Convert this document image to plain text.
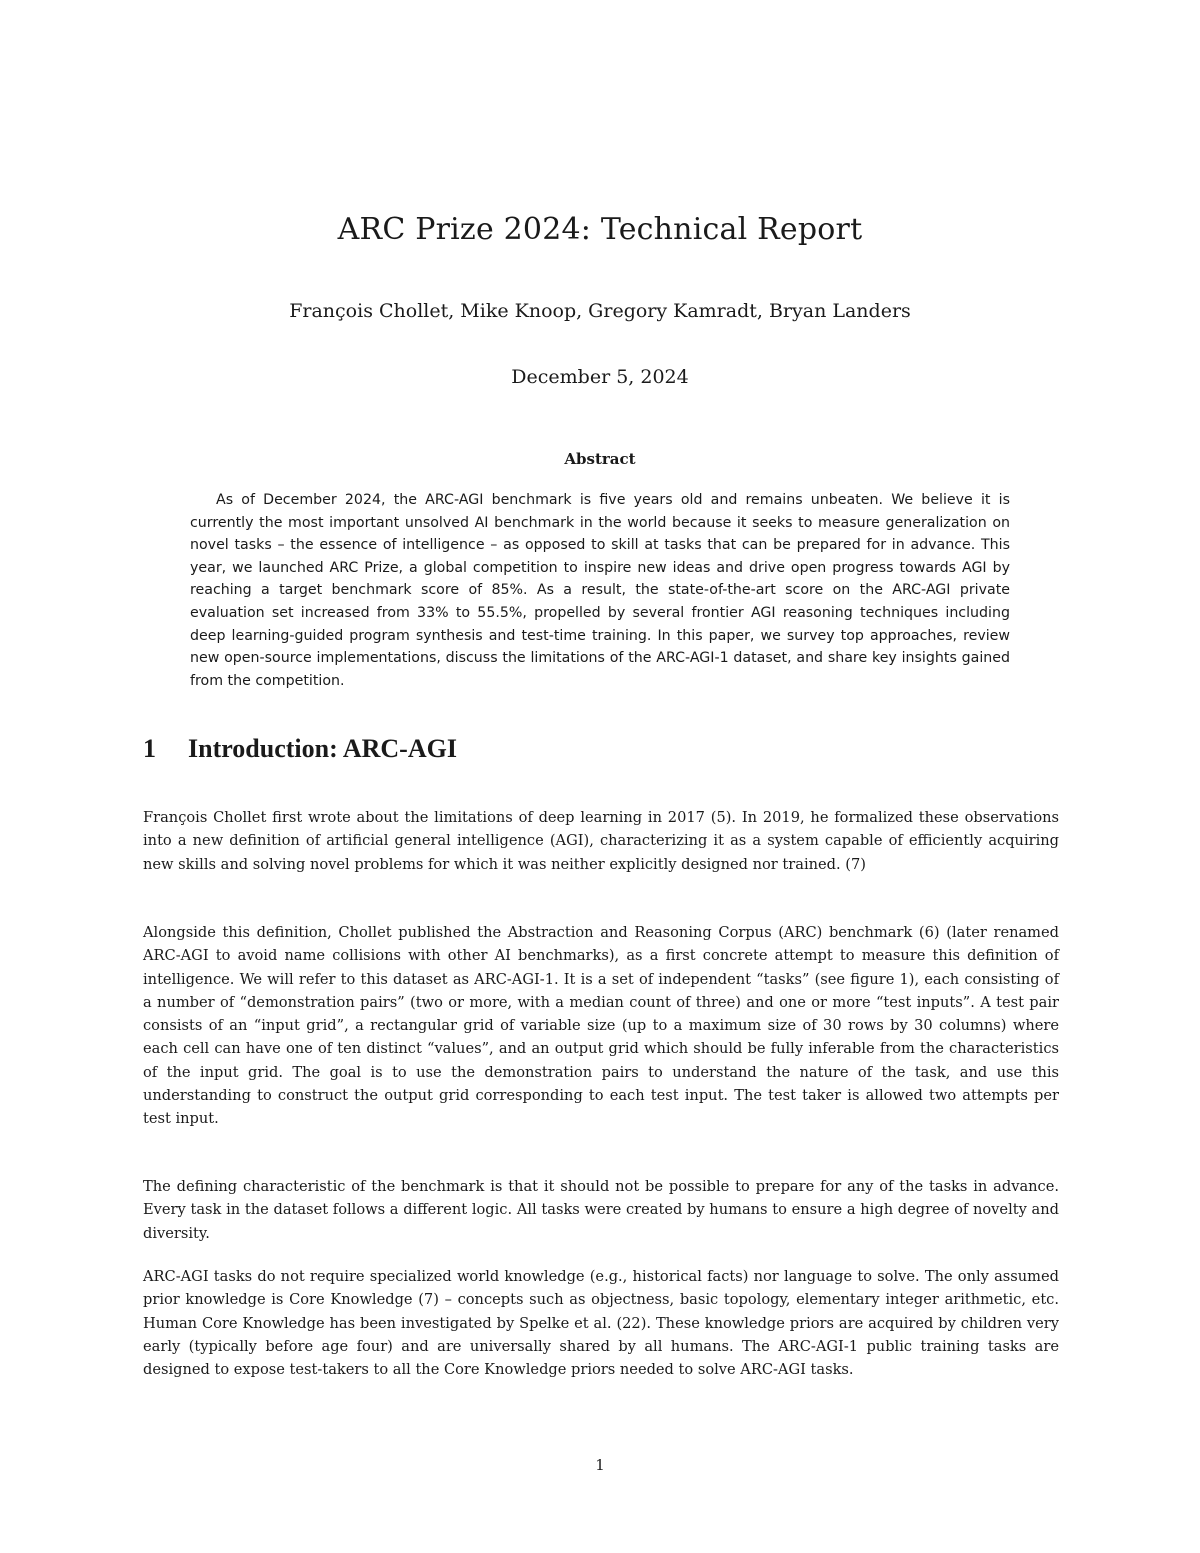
ARC Prize 2024: Technical Report
François Chollet, Mike Knoop, Gregory Kamradt, Bryan Landers
December 5, 2024
Abstract

As of December 2024, the ARC-AGI benchmark is five years old and remains unbeaten. We believe it is currently the most important unsolved AI benchmark in the world because it seeks to measure generalization on novel tasks – the essence of intelligence – as opposed to skill at tasks that can be prepared for in advance. This year, we launched ARC Prize, a global competition to inspire new ideas and drive open progress towards AGI by reaching a target benchmark score of 85%. As a result, the state-of-the-art score on the ARC-AGI private evaluation set increased from 33% to 55.5%, propelled by several frontier AGI reasoning techniques including deep learning-guided program synthesis and test-time training. In this paper, we survey top approaches, review new open-source implementations, discuss the limitations of the ARC-AGI-1 dataset, and share key insights gained from the competition.

1 Introduction: ARC-AGI

François Chollet first wrote about the limitations of deep learning in 2017 (5). In 2019, he formalized these observations into a new definition of artificial general intelligence (AGI), characterizing it as a system capable of efficiently acquiring new skills and solving novel problems for which it was neither explicitly designed nor trained. (7)

Alongside this definition, Chollet published the Abstraction and Reasoning Corpus (ARC) benchmark (6) (later renamed ARC-AGI to avoid name collisions with other AI benchmarks), as a first concrete attempt to measure this definition of intelligence. We will refer to this dataset as ARC-AGI-1. It is a set of independent “tasks” (see figure 1), each consisting of a number of “demonstration pairs” (two or more, with a median count of three) and one or more “test inputs”. A test pair consists of an “input grid”, a rectangular grid of variable size (up to a maximum size of 30 rows by 30 columns) where each cell can have one of ten distinct “values”, and an output grid which should be fully inferable from the characteristics of the input grid. The goal is to use the demonstration pairs to understand the nature of the task, and use this understanding to construct the output grid corresponding to each test input. The test taker is allowed two attempts per test input.

The defining characteristic of the benchmark is that it should not be possible to prepare for any of the tasks in advance. Every task in the dataset follows a different logic. All tasks were created by humans to ensure a high degree of novelty and diversity.

ARC-AGI tasks do not require specialized world knowledge (e.g., historical facts) nor language to solve. The only assumed prior knowledge is Core Knowledge (7) – concepts such as objectness, basic topology, elementary integer arithmetic, etc. Human Core Knowledge has been investigated by Spelke et al. (22). These knowledge priors are acquired by children very early (typically before age four) and are universally shared by all humans. The ARC-AGI-1 public training tasks are designed to expose test-takers to all the Core Knowledge priors needed to solve ARC-AGI tasks.

1
